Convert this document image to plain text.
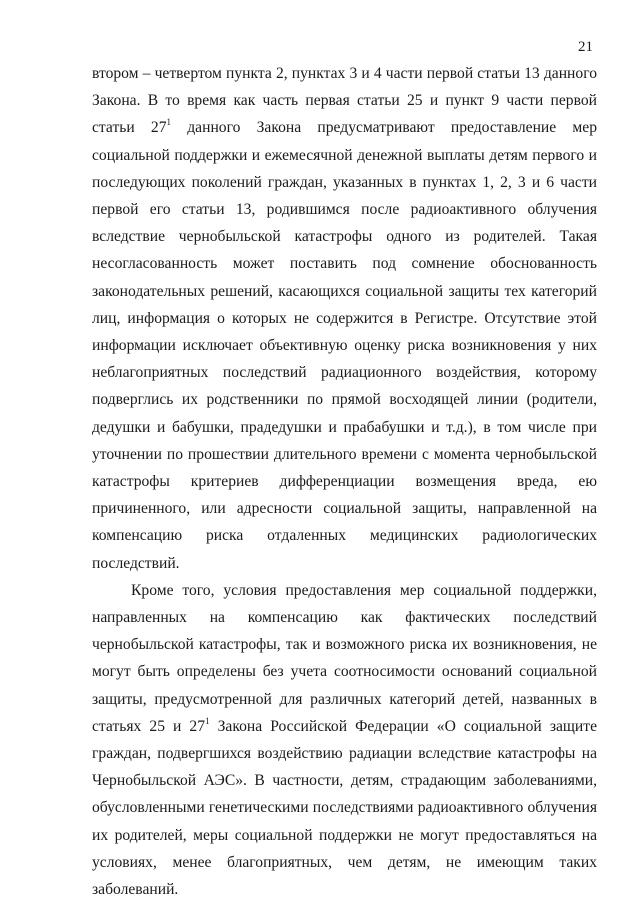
21

втором – четвертом пункта 2, пунктах 3 и 4 части первой статьи 13 данного Закона. В то время как часть первая статьи 25 и пункт 9 части первой статьи $27^1$ данного Закона предусматривают предоставление мер социальной поддержки и ежемесячной денежной выплаты детям первого и последующих поколений граждан, указанных в пунктах 1, 2, 3 и 6 части первой его статьи 13, родившимся после радиоактивного облучения вследствие чернобыльской катастрофы одного из родителей. Такая несогласованность может поставить под сомнение обоснованность законодательных решений, касающихся социальной защиты тех категорий лиц, информация о которых не содержится в Регистре. Отсутствие этой информации исключает объективную оценку риска возникновения у них неблагоприятных последствий радиационного воздействия, которому подверглись их родственники по прямой восходящей линии (родители, дедушки и бабушки, прадедушки и прабабушки и т.д.), в том числе при уточнении по прошествии длительного времени с момента чернобыльской катастрофы критериев дифференциации возмещения вреда, ею причиненного, или адресности социальной защиты, направленной на компенсацию риска отдаленных медицинских радиологических последствий.

Кроме того, условия предоставления мер социальной поддержки, направленных на компенсацию как фактических последствий чернобыльской катастрофы, так и возможного риска их возникновения, не могут быть определены без учета соотносимости оснований социальной защиты, предусмотренной для различных категорий детей, названных в статьях 25 и $27^1$ Закона Российской Федерации «О социальной защите граждан, подвергшихся воздействию радиации вследствие катастрофы на Чернобыльской АЭС». В частности, детям, страдающим заболеваниями, обусловленными генетическими последствиями радиоактивного облучения их родителей, меры социальной поддержки не могут предоставляться на условиях, менее благоприятных, чем детям, не имеющим таких заболеваний.
